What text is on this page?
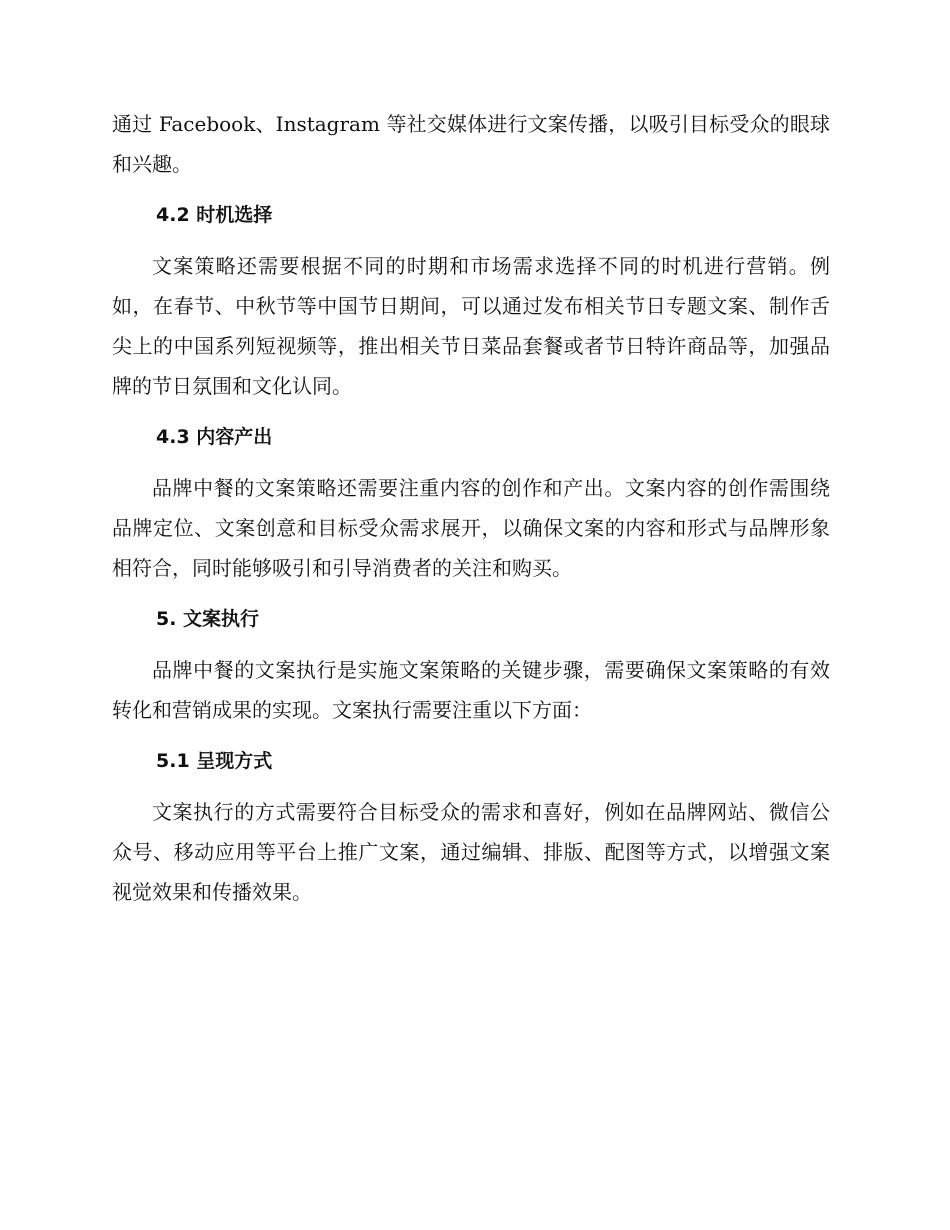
通过 Facebook、Instagram 等社交媒体进行文案传播，以吸引目标受众的眼球和兴趣。

4.2 时机选择

文案策略还需要根据不同的时期和市场需求选择不同的时机进行营销。例如，在春节、中秋节等中国节日期间，可以通过发布相关节日专题文案、制作舌尖上的中国系列短视频等，推出相关节日菜品套餐或者节日特许商品等，加强品牌的节日氛围和文化认同。

4.3 内容产出

品牌中餐的文案策略还需要注重内容的创作和产出。文案内容的创作需围绕品牌定位、文案创意和目标受众需求展开，以确保文案的内容和形式与品牌形象相符合，同时能够吸引和引导消费者的关注和购买。

5. 文案执行

品牌中餐的文案执行是实施文案策略的关键步骤，需要确保文案策略的有效转化和营销成果的实现。文案执行需要注重以下方面：

5.1 呈现方式

文案执行的方式需要符合目标受众的需求和喜好，例如在品牌网站、微信公众号、移动应用等平台上推广文案，通过编辑、排版、配图等方式，以增强文案视觉效果和传播效果。
